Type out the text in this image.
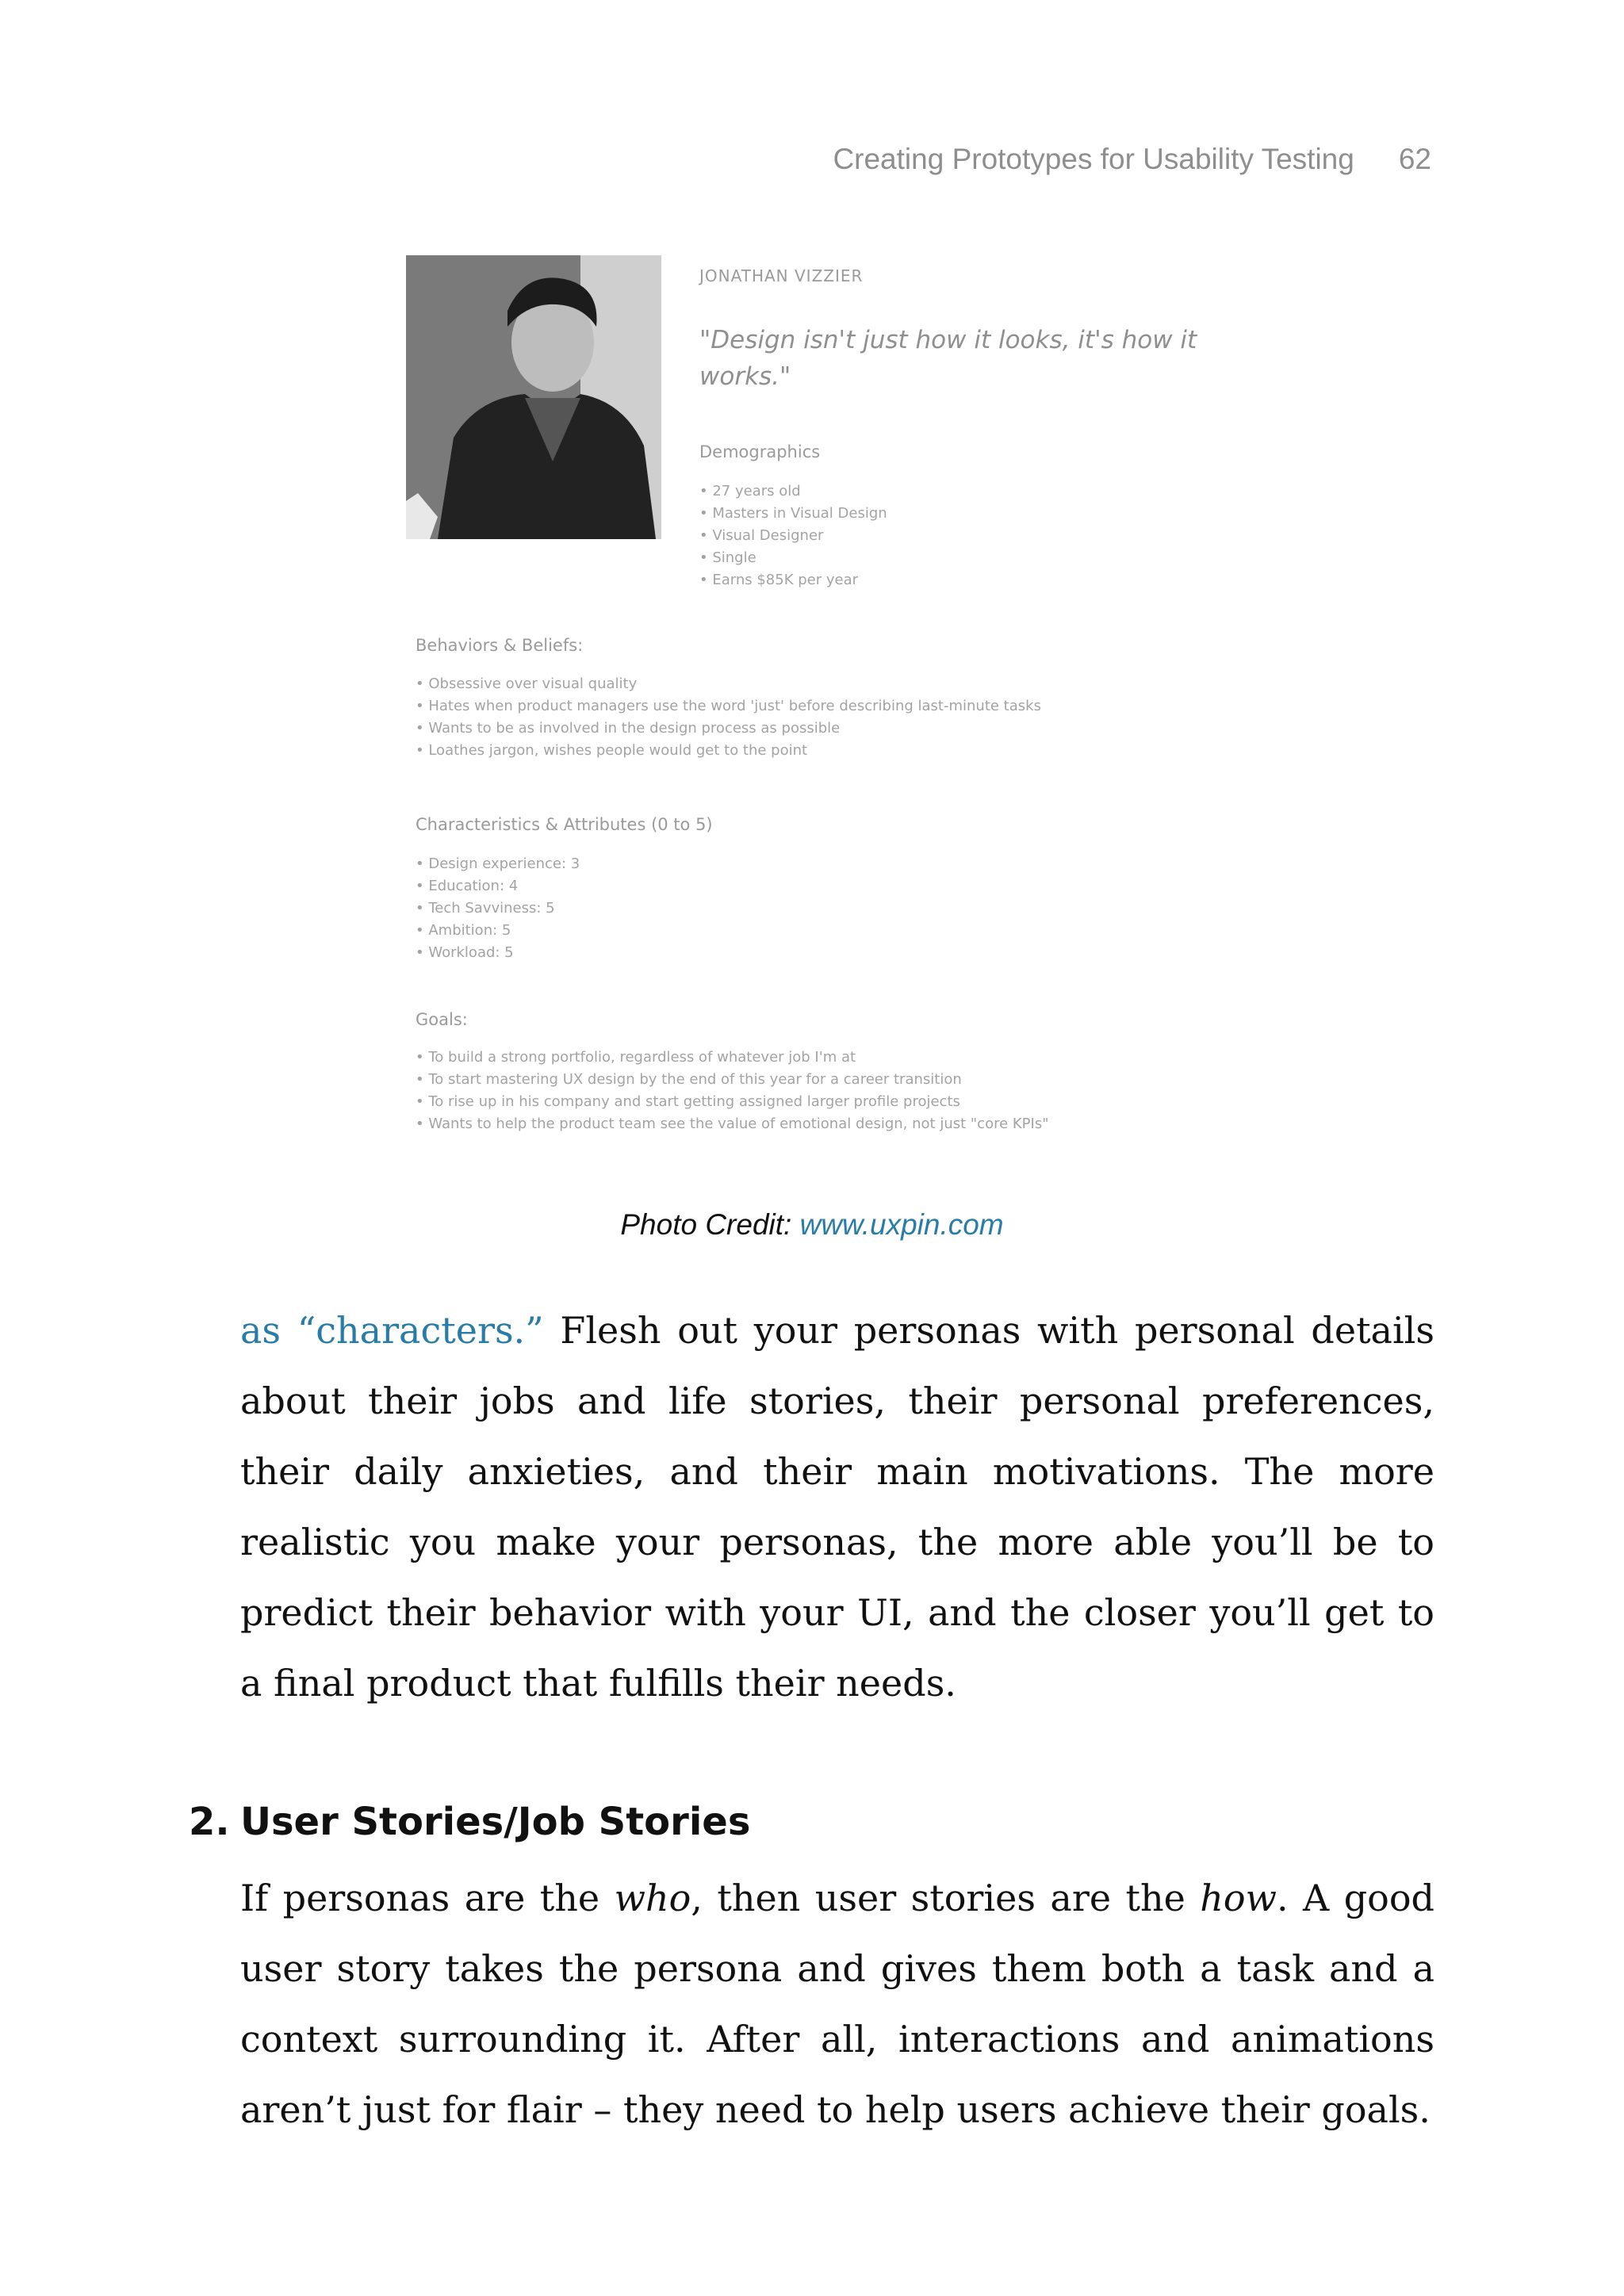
Creating Prototypes for Usability Testing 62
JONATHAN VIZZIER
"Design isn't just how it looks, it's how it works."
Demographics
• 27 years old
• Masters in Visual Design
• Visual Designer
• Single
• Earns $85K per year
Behaviors & Beliefs:
• Obsessive over visual quality
• Hates when product managers use the word 'just' before describing last-minute tasks
• Wants to be as involved in the design process as possible
• Loathes jargon, wishes people would get to the point
Characteristics & Attributes (0 to 5)
• Design experience: 3
• Education: 4
• Tech Savviness: 5
• Ambition: 5
• Workload: 5
Goals:
• To build a strong portfolio, regardless of whatever job I'm at
• To start mastering UX design by the end of this year for a career transition
• To rise up in his company and start getting assigned larger profile projects
• Wants to help the product team see the value of emotional design, not just "core KPIs"
Photo Credit: www.uxpin.com

as “characters.” Flesh out your personas with personal details about their jobs and life stories, their personal preferences, their daily anxieties, and their main motivations. The more realistic you make your personas, the more able you’ll be to predict their behavior with your UI, and the closer you’ll get to a final product that fulfills their needs.

2. User Stories/Job Stories

If personas are the who, then user stories are the how. A good user story takes the persona and gives them both a task and a context surrounding it. After all, interactions and animations aren’t just for flair – they need to help users achieve their goals.
